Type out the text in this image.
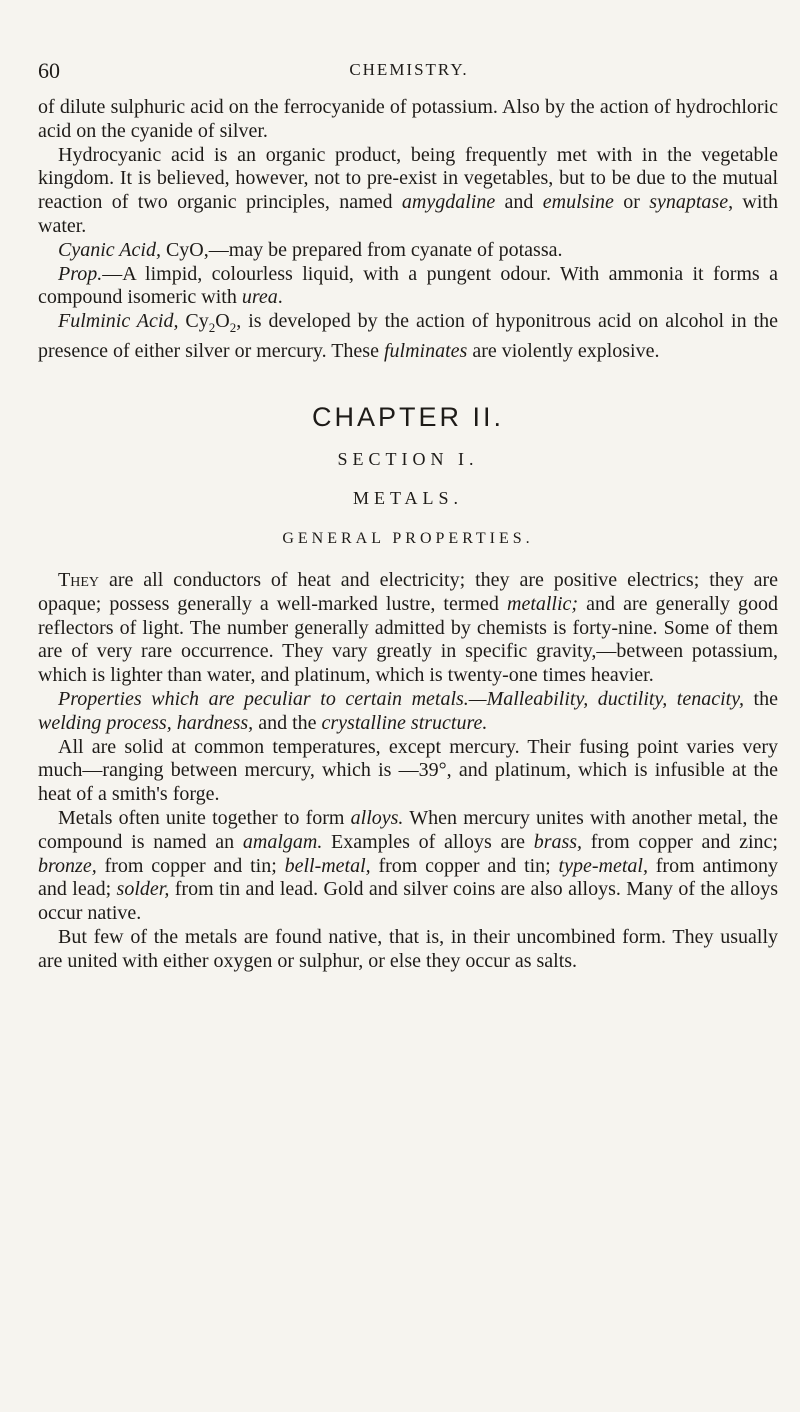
60	CHEMISTRY.

of dilute sulphuric acid on the ferrocyanide of potassium. Also by the action of hydrochloric acid on the cyanide of silver.

Hydrocyanic acid is an organic product, being frequently met with in the vegetable kingdom. It is believed, however, not to pre-exist in vegetables, but to be due to the mutual reaction of two organic principles, named amygdaline and emulsine or synaptase, with water.

Cyanic Acid, CyO,—may be prepared from cyanate of potassa.

Prop.—A limpid, colourless liquid, with a pungent odour. With ammonia it forms a compound isomeric with urea.

Fulminic Acid, $Cy_2O_2$, is developed by the action of hyponitrous acid on alcohol in the presence of either silver or mercury. These fulminates are violently explosive.

CHAPTER II.
SECTION I.
METALS.
GENERAL PROPERTIES.

They are all conductors of heat and electricity; they are positive electrics; they are opaque; possess generally a well-marked lustre, termed metallic; and are generally good reflectors of light. The number generally admitted by chemists is forty-nine. Some of them are of very rare occurrence. They vary greatly in specific gravity,—between potassium, which is lighter than water, and platinum, which is twenty-one times heavier.

Properties which are peculiar to certain metals.—Malleability, ductility, tenacity, the welding process, hardness, and the crystalline structure.

All are solid at common temperatures, except mercury. Their fusing point varies very much—ranging between mercury, which is —39°, and platinum, which is infusible at the heat of a smith's forge.

Metals often unite together to form alloys. When mercury unites with another metal, the compound is named an amalgam. Examples of alloys are brass, from copper and zinc; bronze, from copper and tin; bell-metal, from copper and tin; type-metal, from antimony and lead; solder, from tin and lead. Gold and silver coins are also alloys. Many of the alloys occur native.

But few of the metals are found native, that is, in their uncombined form. They usually are united with either oxygen or sulphur, or else they occur as salts.
